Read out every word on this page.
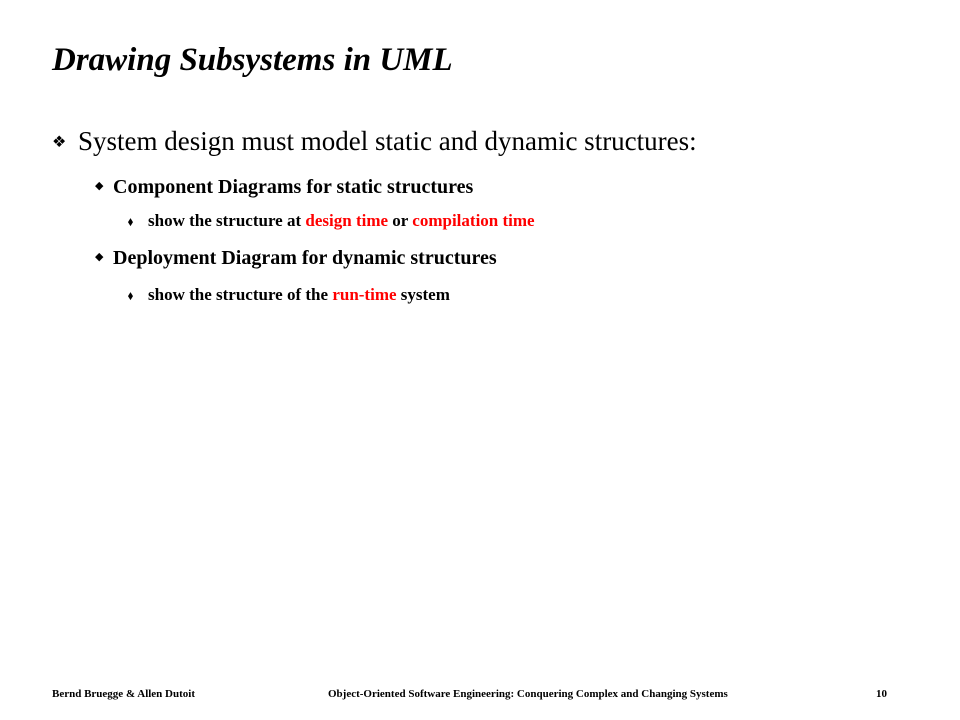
Drawing Subsystems in UML
❖ System design must model static and dynamic structures:
◆ Component Diagrams for static structures
⬧ show the structure at design time or compilation time
◆ Deployment Diagram for dynamic structures
⬧ show the structure of the run-time system
Bernd Bruegge & Allen Dutoit	Object-Oriented Software Engineering: Conquering Complex and Changing Systems	10
